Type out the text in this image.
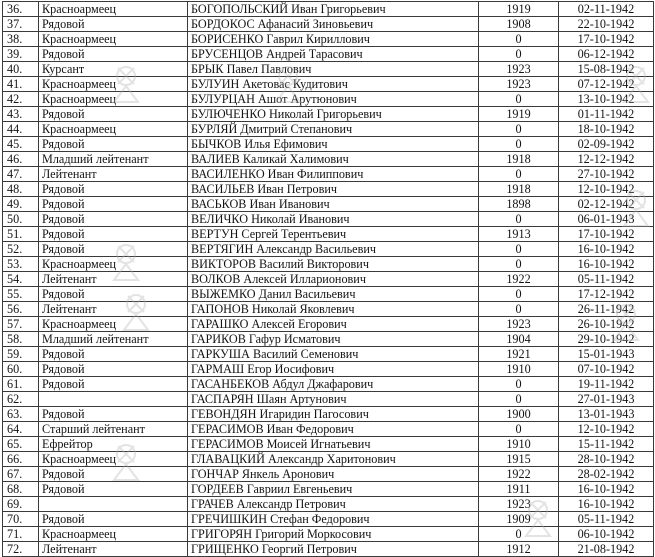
36.	Красноармеец	БОГОПОЛЬСКИЙ Иван Григорьевич	1919	02-11-1942
37.	Рядовой	БОРДОКОС Афанасий Зиновьевич	1908	22-10-1942
38.	Красноармеец	БОРИСЕНКО Гаврил Кириллович	0	17-10-1942
39.	Рядовой	БРУСЕНЦОВ Андрей Тарасович	0	06-12-1942
40.	Курсант	БРЫК Павел Павлович	1923	15-08-1942
41.	Красноармеец	БУЛУИН Акетовас Кудитович	1923	07-12-1942
42.	Красноармеец	БУЛУРЦАН Ашот Арутюнович	0	13-10-1942
43.	Рядовой	БУЛЮЧЕНКО Николай Григорьевич	1919	01-11-1942
44.	Красноармеец	БУРЛЯЙ Дмитрий Степанович	0	18-10-1942
45.	Рядовой	БЫЧКОВ Илья Ефимович	0	02-09-1942
46.	Младший лейтенант	ВАЛИЕВ Каликай Халимович	1918	12-12-1942
47.	Лейтенант	ВАСИЛЕНКО Иван Филиппович	0	27-10-1942
48.	Рядовой	ВАСИЛЬЕВ Иван Петрович	1918	12-10-1942
49.	Рядовой	ВАСЬКОВ Иван Иванович	1898	02-12-1942
50.	Рядовой	ВЕЛИЧКО Николай Иванович	0	06-01-1943
51.	Рядовой	ВЕРТУН Сергей Терентьевич	1913	17-10-1942
52.	Рядовой	ВЕРТЯГИН Александр Васильевич	0	16-10-1942
53.	Красноармеец	ВИКТОРОВ Василий Викторович	0	16-10-1942
54.	Лейтенант	ВОЛКОВ Алексей Илларионович	1922	05-11-1942
55.	Рядовой	ВЫЖЕМКО Данил Васильевич	0	17-12-1942
56.	Лейтенант	ГАПОНОВ Николай Яковлевич	0	26-11-1942
57.	Красноармеец	ГАРАШКО Алексей Егорович	1923	26-10-1942
58.	Младший лейтенант	ГАРИКОВ Гафур Исматович	1904	29-10-1942
59.	Рядовой	ГАРКУША Василий Семенович	1921	15-01-1943
60.	Рядовой	ГАРМАШ Егор Иосифович	1910	07-10-1942
61.	Рядовой	ГАСАНБЕКОВ Абдул Джафарович	0	19-11-1942
62.		ГАСПАРЯН Шаян Артунович	0	27-01-1943
63.	Рядовой	ГЕВОНДЯН Игаридин Пагосович	1900	13-01-1943
64.	Старший лейтенант	ГЕРАСИМОВ Иван Федорович	0	12-10-1942
65.	Ефрейтор	ГЕРАСИМОВ Моисей Игнатьевич	1910	15-11-1942
66.	Красноармеец	ГЛАВАЦКИЙ Александр Харитонович	1915	28-10-1942
67.	Рядовой	ГОНЧАР Янкель Аронович	1922	28-02-1942
68.	Рядовой	ГОРДЕЕВ Гавриил Евгеньевич	1911	16-10-1942
69.		ГРАЧЕВ Александр Петрович	1923	16-10-1942
70.	Рядовой	ГРЕЧИШКИН Стефан Федорович	1909	05-11-1942
71.	Красноармеец	ГРИГОРЯН Григорий Моркосович	0	06-10-1942
72.	Лейтенант	ГРИЩЕНКО Георгий Петрович	1912	21-08-1942
